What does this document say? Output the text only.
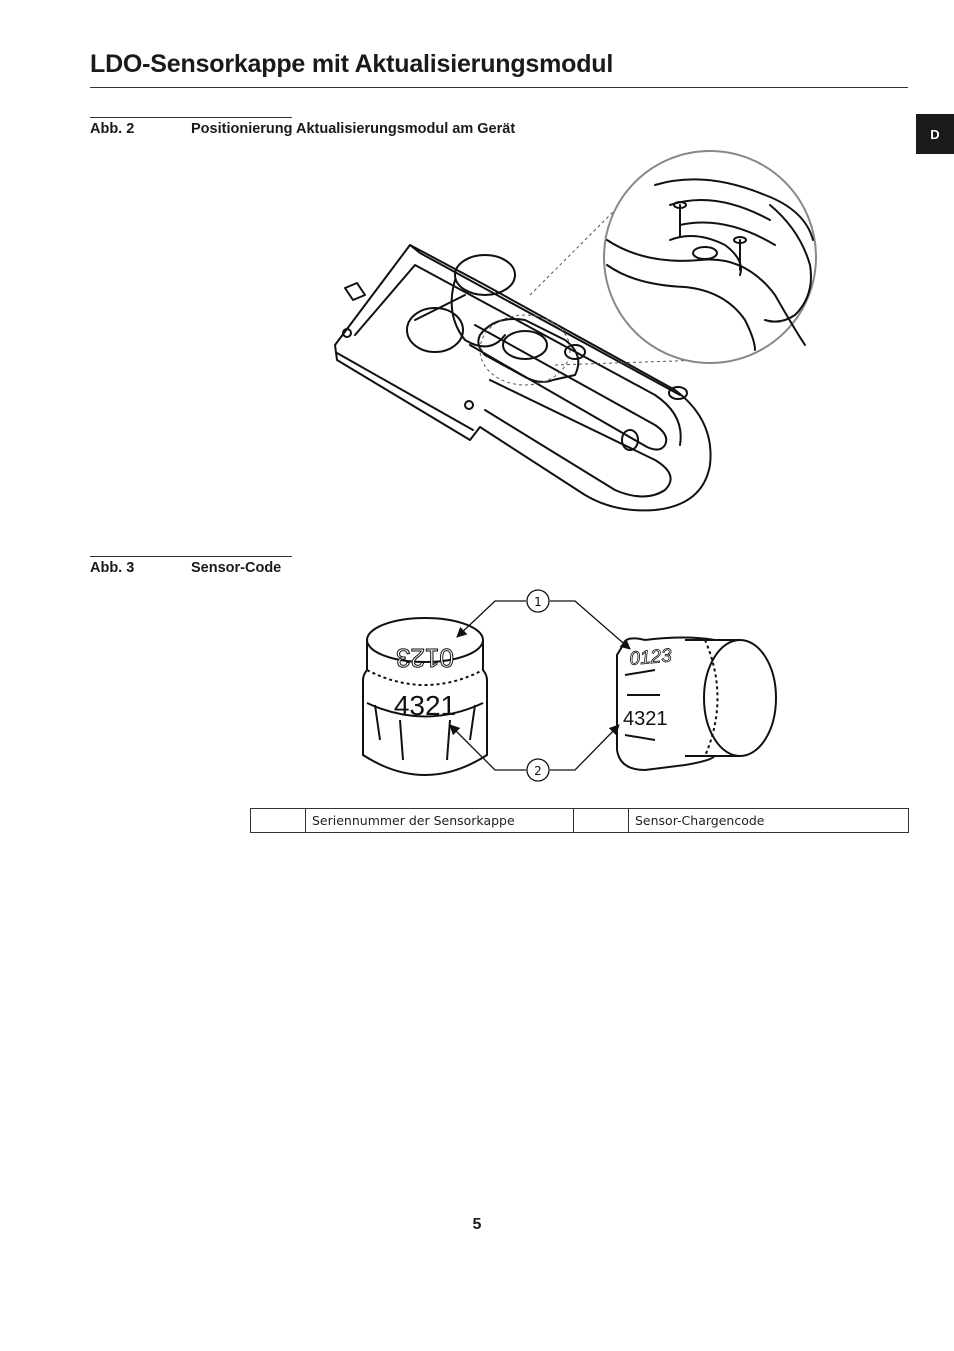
LDO-Sensorkappe mit Aktualisierungsmodul
D
Abb. 2	Positionierung Aktualisierungsmodul am Gerät
Abb. 3	Sensor-Code
0123
4321
0123
4321
1
2
	Seriennummer der Sensorkappe		Sensor-Chargencode
5
